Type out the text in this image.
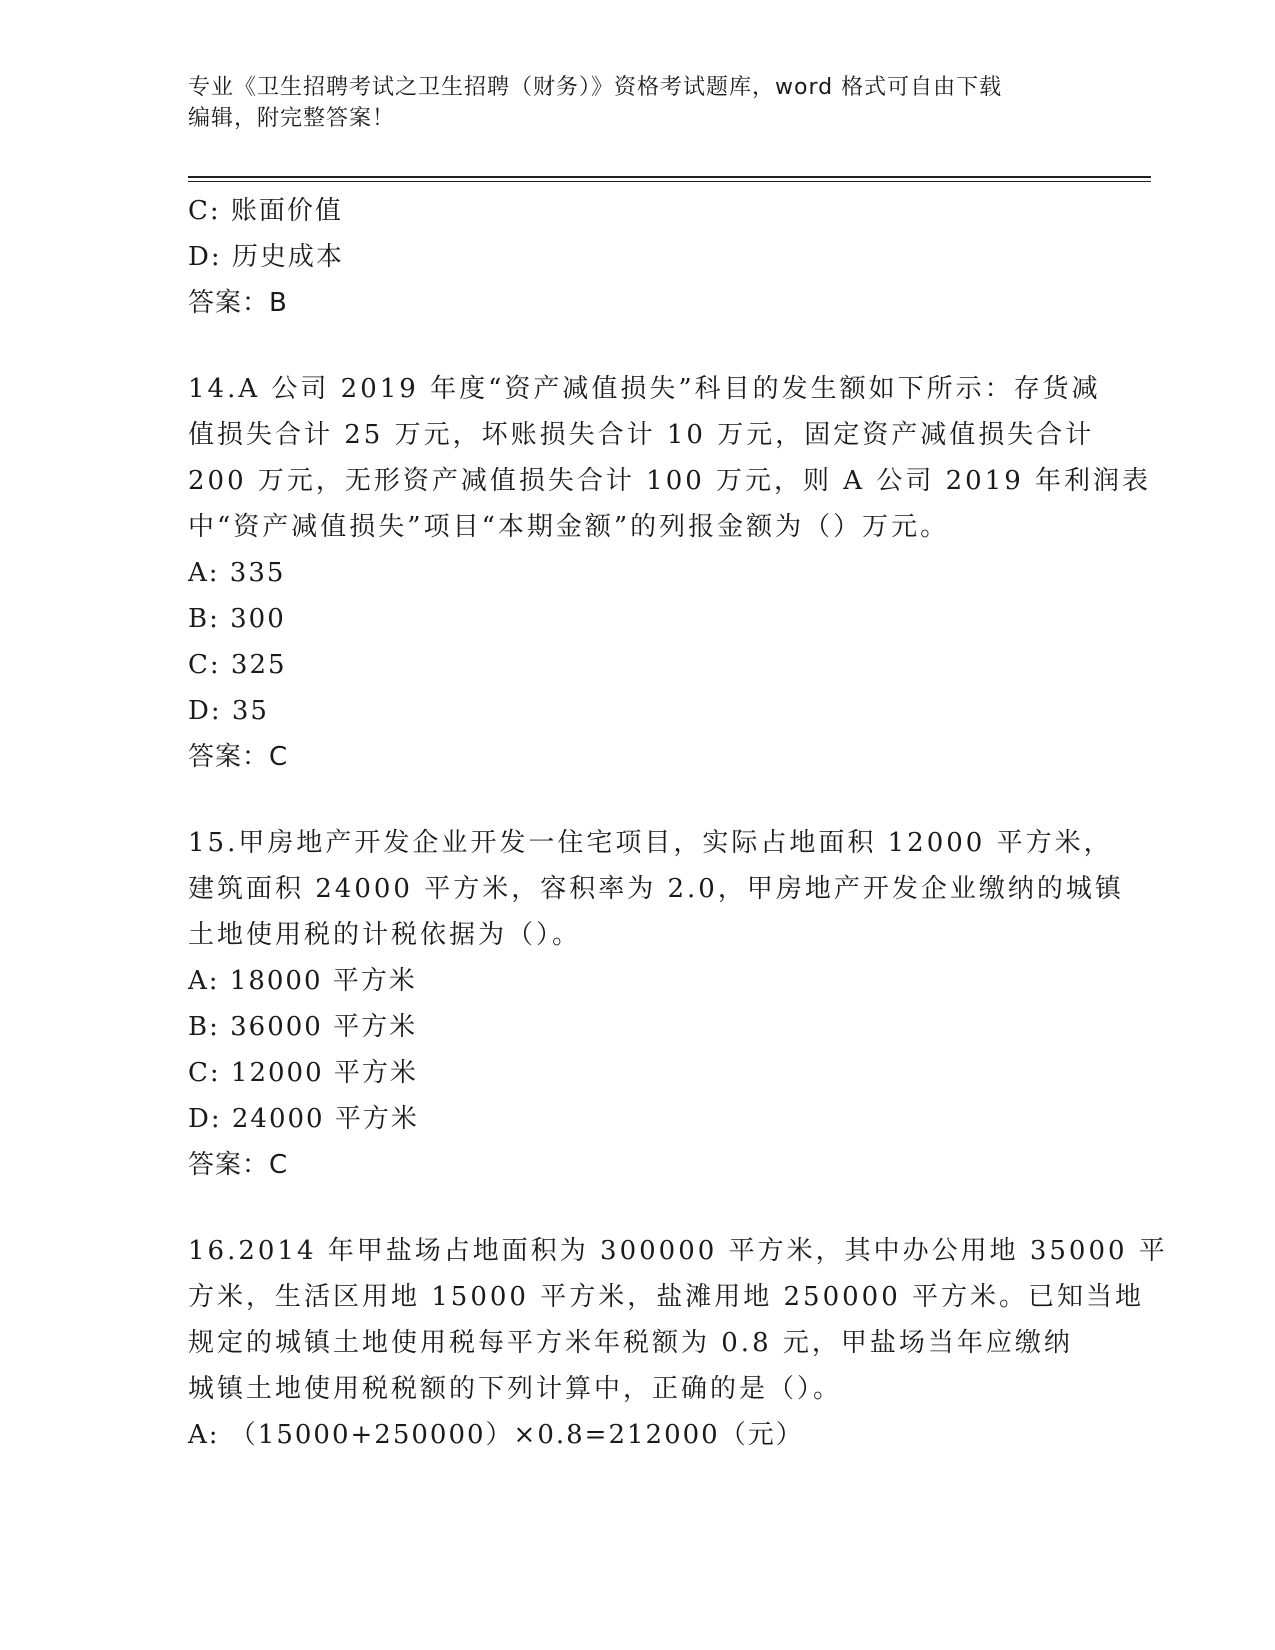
专业《卫生招聘考试之卫生招聘（财务）》资格考试题库，word 格式可自由下载
编辑，附完整答案！
C: 账面价值
D: 历史成本
答案：B
14.A 公司 2019 年度“资产减值损失”科目的发生额如下所示：存货减
值损失合计 25 万元，坏账损失合计 10 万元，固定资产减值损失合计
200 万元，无形资产减值损失合计 100 万元，则 A 公司 2019 年利润表
中“资产减值损失”项目“本期金额”的列报金额为（）万元。
A: 335
B: 300
C: 325
D: 35
答案：C
15.甲房地产开发企业开发一住宅项目，实际占地面积 12000 平方米，
建筑面积 24000 平方米，容积率为 2.0，甲房地产开发企业缴纳的城镇
土地使用税的计税依据为（）。
A: 18000 平方米
B: 36000 平方米
C: 12000 平方米
D: 24000 平方米
答案：C
16.2014 年甲盐场占地面积为 300000 平方米，其中办公用地 35000 平
方米，生活区用地 15000 平方米，盐滩用地 250000 平方米。已知当地
规定的城镇土地使用税每平方米年税额为 0.8 元，甲盐场当年应缴纳
城镇土地使用税税额的下列计算中，正确的是（）。
A: （15000+250000）×0.8=212000（元）
